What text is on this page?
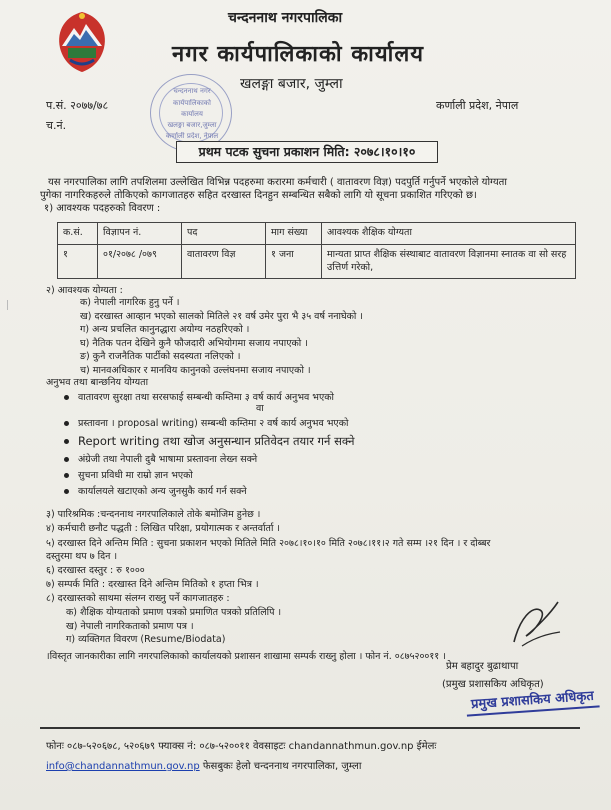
चन्दननाथ नगरपालिका
नगर कार्यपालिकाको कार्यालय
खलङ्गा बजार, जुम्ला
प.सं. २०७७/७८
च.नं.
कर्णाली प्रदेश, नेपाल
चन्दननाथ नगर
कार्यपालिकाको
कार्यालय
खलङ्गा बजार,जुम्ला
कर्णाली प्रदेश, नेपाल
प्रथम पटक सुचना प्रकाशन मिति: २०७८।१०।१०
यस नगरपालिका लागि तपशिलमा उल्लेखित विभिन्न पदहरुमा करारमा कर्मचारी ( वातावरण विज्ञ) पदपुर्ति गर्नुपर्ने भएकोले योग्यता
पुगेका नागरिकहरुले तोकिएको कागजातहरु सहित दरखास्त दिनहुन सम्बन्धित सबैको लागि यो सूचना प्रकाशित गरिएको छ।
१) आवश्यक पदहरुको विवरण :
क.सं.	विज्ञापन नं.	पद	माग संख्या	आवश्यक शैक्षिक योग्यता
१	०१/२०७८ /०७९	वातावरण विज्ञ	१ जना	मान्यता प्राप्त शैक्षिक संस्थाबाट वातावरण विज्ञानमा स्नातक वा सो सरह उत्तिर्ण गरेको,
२) आवश्यक योग्यता :
क) नेपाली नागरिक हुनु पर्ने ।
ख) दरखास्त आव्हान भएको सालको मितिले २१ वर्ष उमेर पुरा भै ३५ वर्ष ननाघेको ।
ग) अन्य प्रचलित कानुनद्धारा अयोग्य नठहरिएको ।
घ) नैतिक पतन देखिने कुनै फौजदारी अभियोगमा सजाय नपाएको ।
ङ) कुनै राजनैतिक पार्टीको सदस्यता नलिएको ।
च) मानवअधिकार र मानविय कानुनको उल्लंघनमा सजाय नपाएको ।
अनुभव तथा बान्छनिय योग्यता
वातावरण सुरक्षा तथा सरसफाई सम्बन्धी कम्तिमा ३ वर्ष कार्य अनुभव भएको
वा
प्रस्तावना । proposal writing) सम्बन्धी कम्तिमा २ वर्ष कार्य अनुभव भएको
Report writing तथा खोज अनुसन्धान प्रतिवेदन तयार गर्न सक्ने
अंग्रेजी तथा नेपाली दुबै भाषामा प्रस्तावना लेख्न सक्ने
सुचना प्रविधी मा राम्रो ज्ञान भएको
कार्यालयले खटाएको अन्य जुनसुकै कार्य गर्न सक्ने
३) पारिश्रमिक :चन्दननाथ नगरपालिकाले तोके बमोजिम हुनेछ ।
४) कर्मचारी छनौट पद्धती : लिखित परिक्षा, प्रयोगात्मक र अन्तर्वार्ता ।
५) दरखास्त दिने अन्तिम मिति : सुचना प्रकाशन भएको मितिले मिति २०७८।१०।१० मिति २०७८।११।२ गते सम्म ।२१ दिन । र दोब्बर
दस्तुरमा थप ७ दिन ।
६) दरखास्त दस्तुर : रु १०००
७) सम्पर्क मिति : दरखास्त दिने अन्तिम मितिको १ हप्ता भित्र ।
८) दरखास्तको साथमा संलग्न राख्नु पर्ने कागजातहरु :
क) शैक्षिक योग्यताको प्रमाण पत्रको प्रमाणित पत्रको प्रतिलिपि ।
ख) नेपाली नागरिकताको प्रमाण पत्र ।
ग) व्यक्तिगत विवरण (Resume/Biodata)
।विस्तृत जानकारीका लागि नगरपालिकाको कार्यालयको प्रशासन शाखामा सम्पर्क राख्नु होला । फोन नं. ०८७५२००११ ।
प्रेम बहादुर बुढाथापा
(प्रमुख प्रशासकिय अधिकृत)
प्रमुख प्रशासकिय अधिकृत
फोनः ०८७-५२०६७८, ५२०६७९ फ्याक्स नं: ०८७-५२००११ वेवसाइटः chandannathmun.gov.np ईमेलः
info@chandannathmun.gov.np फेसबुकः हेलो चन्दननाथ नगरपालिका, जुम्ला
